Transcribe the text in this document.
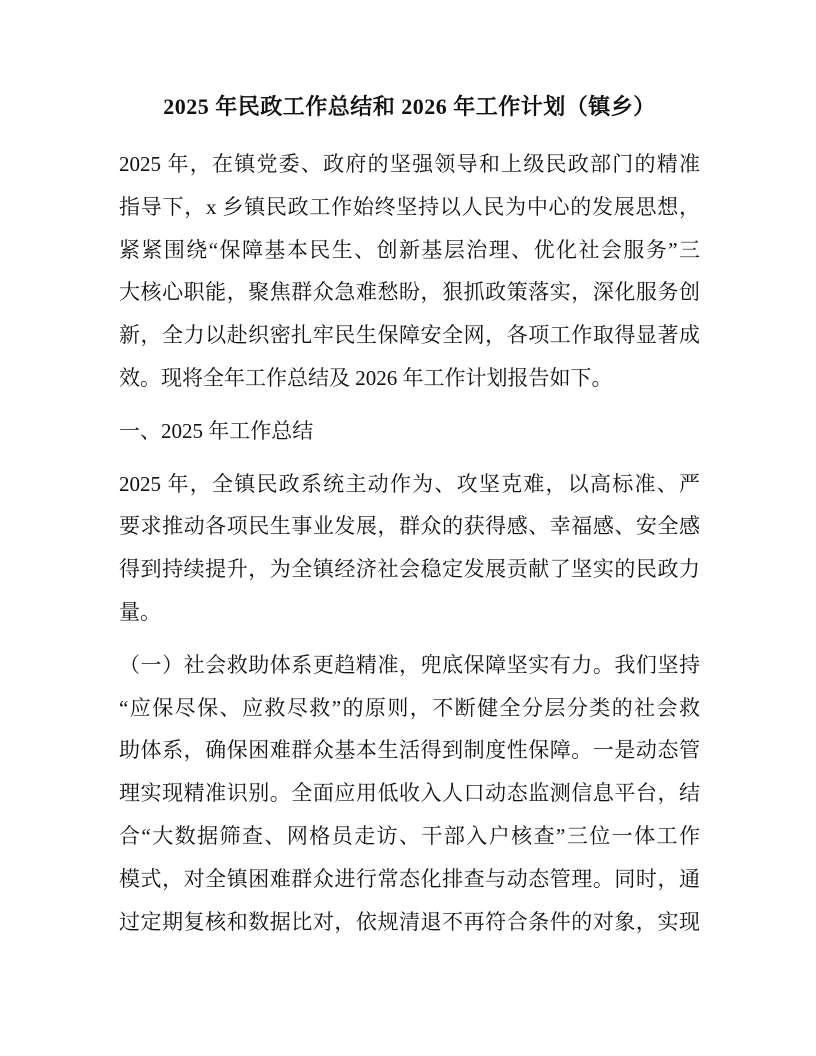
2025 年民政工作总结和 2026 年工作计划（镇乡）
2025 年，在镇党委、政府的坚强领导和上级民政部门的精准
指导下，x 乡镇民政工作始终坚持以人民为中心的发展思想，
紧紧围绕“保障基本民生、创新基层治理、优化社会服务”三
大核心职能，聚焦群众急难愁盼，狠抓政策落实，深化服务创
新，全力以赴织密扎牢民生保障安全网，各项工作取得显著成
效。现将全年工作总结及 2026 年工作计划报告如下。
一、2025 年工作总结
2025 年，全镇民政系统主动作为、攻坚克难，以高标准、严
要求推动各项民生事业发展，群众的获得感、幸福感、安全感
得到持续提升，为全镇经济社会稳定发展贡献了坚实的民政力
量。
（一）社会救助体系更趋精准，兜底保障坚实有力。我们坚持
“应保尽保、应救尽救”的原则，不断健全分层分类的社会救
助体系，确保困难群众基本生活得到制度性保障。一是动态管
理实现精准识别。全面应用低收入人口动态监测信息平台，结
合“大数据筛查、网格员走访、干部入户核查”三位一体工作
模式，对全镇困难群众进行常态化排查与动态管理。同时，通
过定期复核和数据比对，依规清退不再符合条件的对象，实现
